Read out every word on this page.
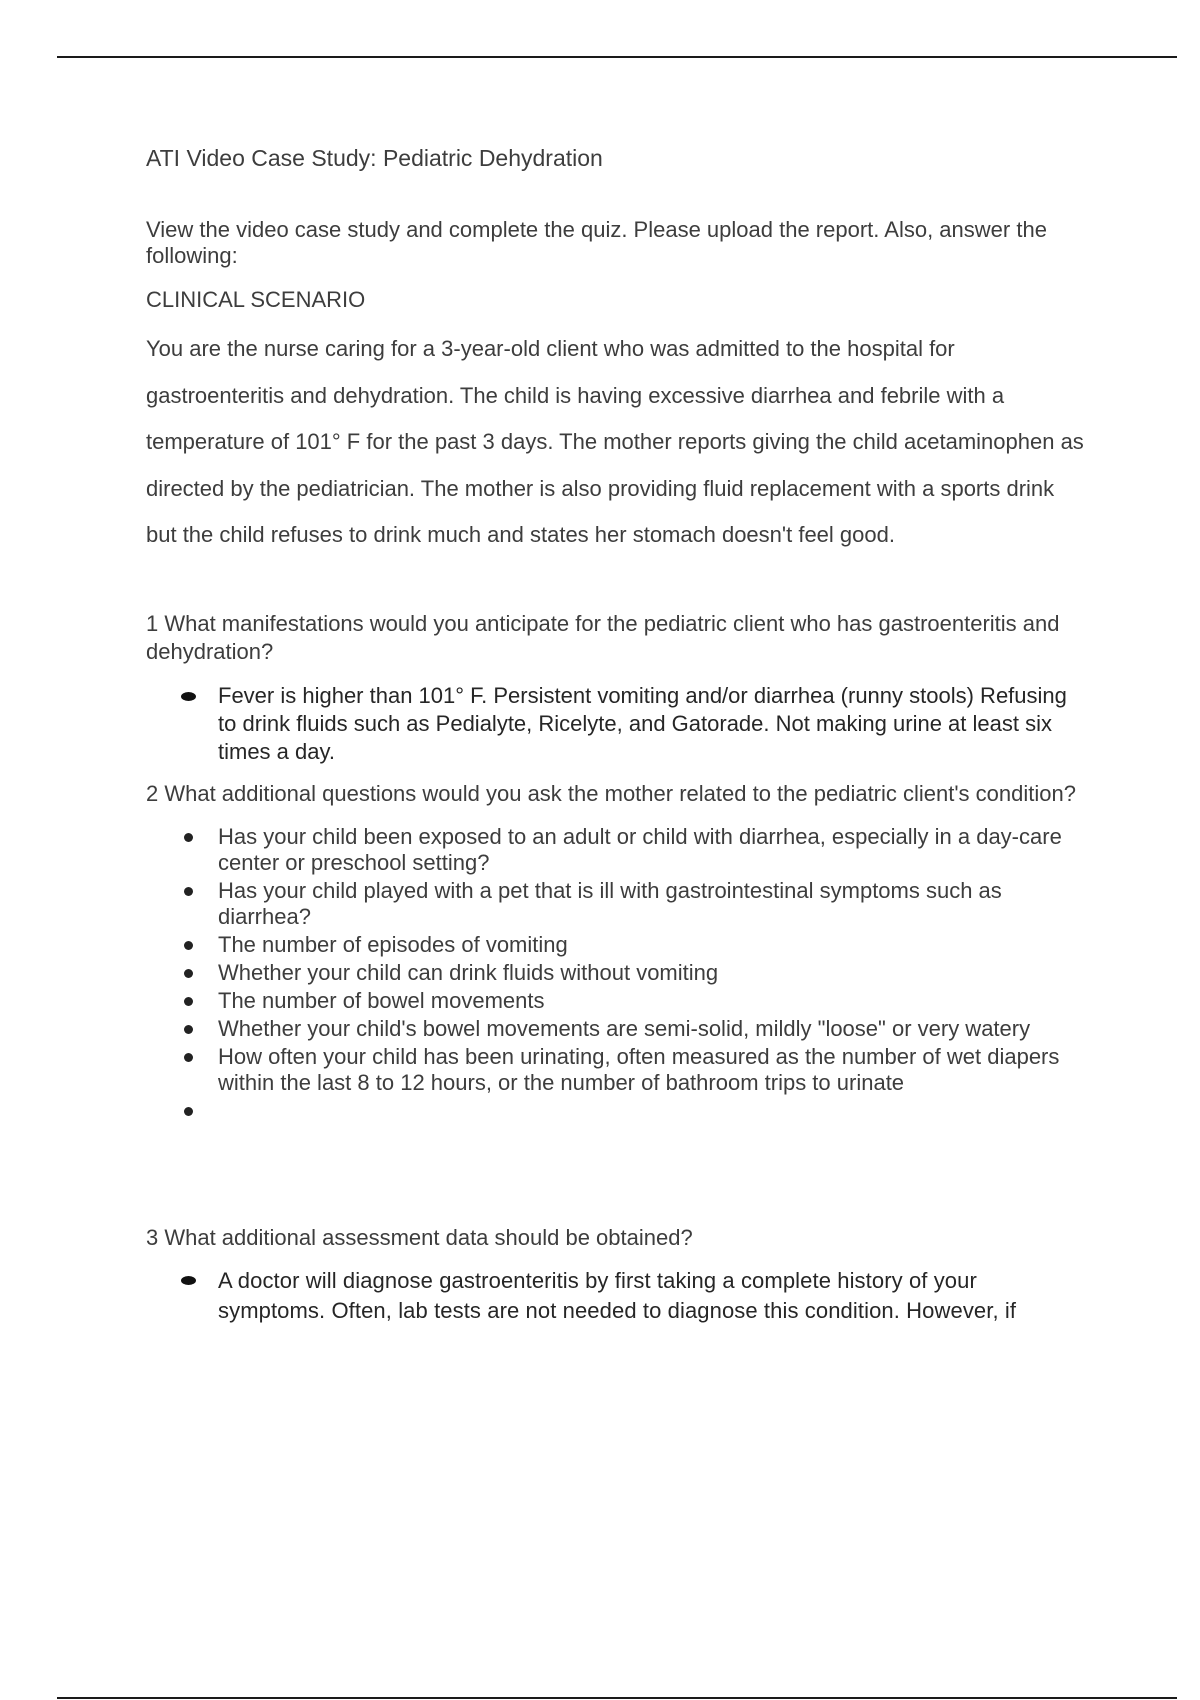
ATI Video Case Study: Pediatric Dehydration

View the video case study and complete the quiz. Please upload the report. Also, answer the following:

CLINICAL SCENARIO

You are the nurse caring for a 3-year-old client who was admitted to the hospital for gastroenteritis and dehydration. The child is having excessive diarrhea and febrile with a temperature of 101° F for the past 3 days. The mother reports giving the child acetaminophen as directed by the pediatrician. The mother is also providing fluid replacement with a sports drink but the child refuses to drink much and states her stomach doesn't feel good.

1 What manifestations would you anticipate for the pediatric client who has gastroenteritis and dehydration?

Fever is higher than 101° F. Persistent vomiting and/or diarrhea (runny stools) Refusing to drink fluids such as Pedialyte, Ricelyte, and Gatorade. Not making urine at least six times a day.

2 What additional questions would you ask the mother related to the pediatric client's condition?

Has your child been exposed to an adult or child with diarrhea, especially in a day-care center or preschool setting?
Has your child played with a pet that is ill with gastrointestinal symptoms such as diarrhea?
The number of episodes of vomiting
Whether your child can drink fluids without vomiting
The number of bowel movements
Whether your child's bowel movements are semi-solid, mildly "loose" or very watery
How often your child has been urinating, often measured as the number of wet diapers within the last 8 to 12 hours, or the number of bathroom trips to urinate

3 What additional assessment data should be obtained?

A doctor will diagnose gastroenteritis by first taking a complete history of your symptoms. Often, lab tests are not needed to diagnose this condition. However, if
